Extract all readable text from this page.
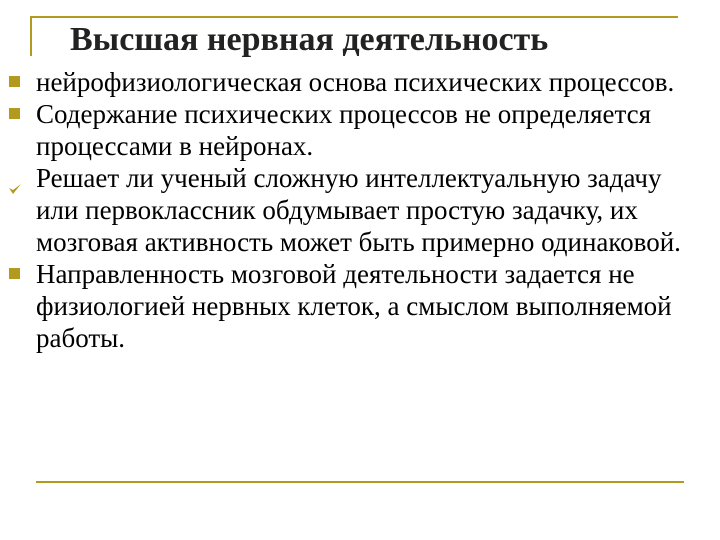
Высшая нервная деятельность
нейрофизиологическая основа психических процессов.
Содержание психических процессов не определяется процессами в нейронах.
Решает ли ученый сложную интеллектуальную задачу или первоклассник обдумывает простую задачку, их мозговая активность может быть примерно одинаковой.
Направленность мозговой деятельности задается не физиологией нервных клеток, а смыслом выполняемой работы.
